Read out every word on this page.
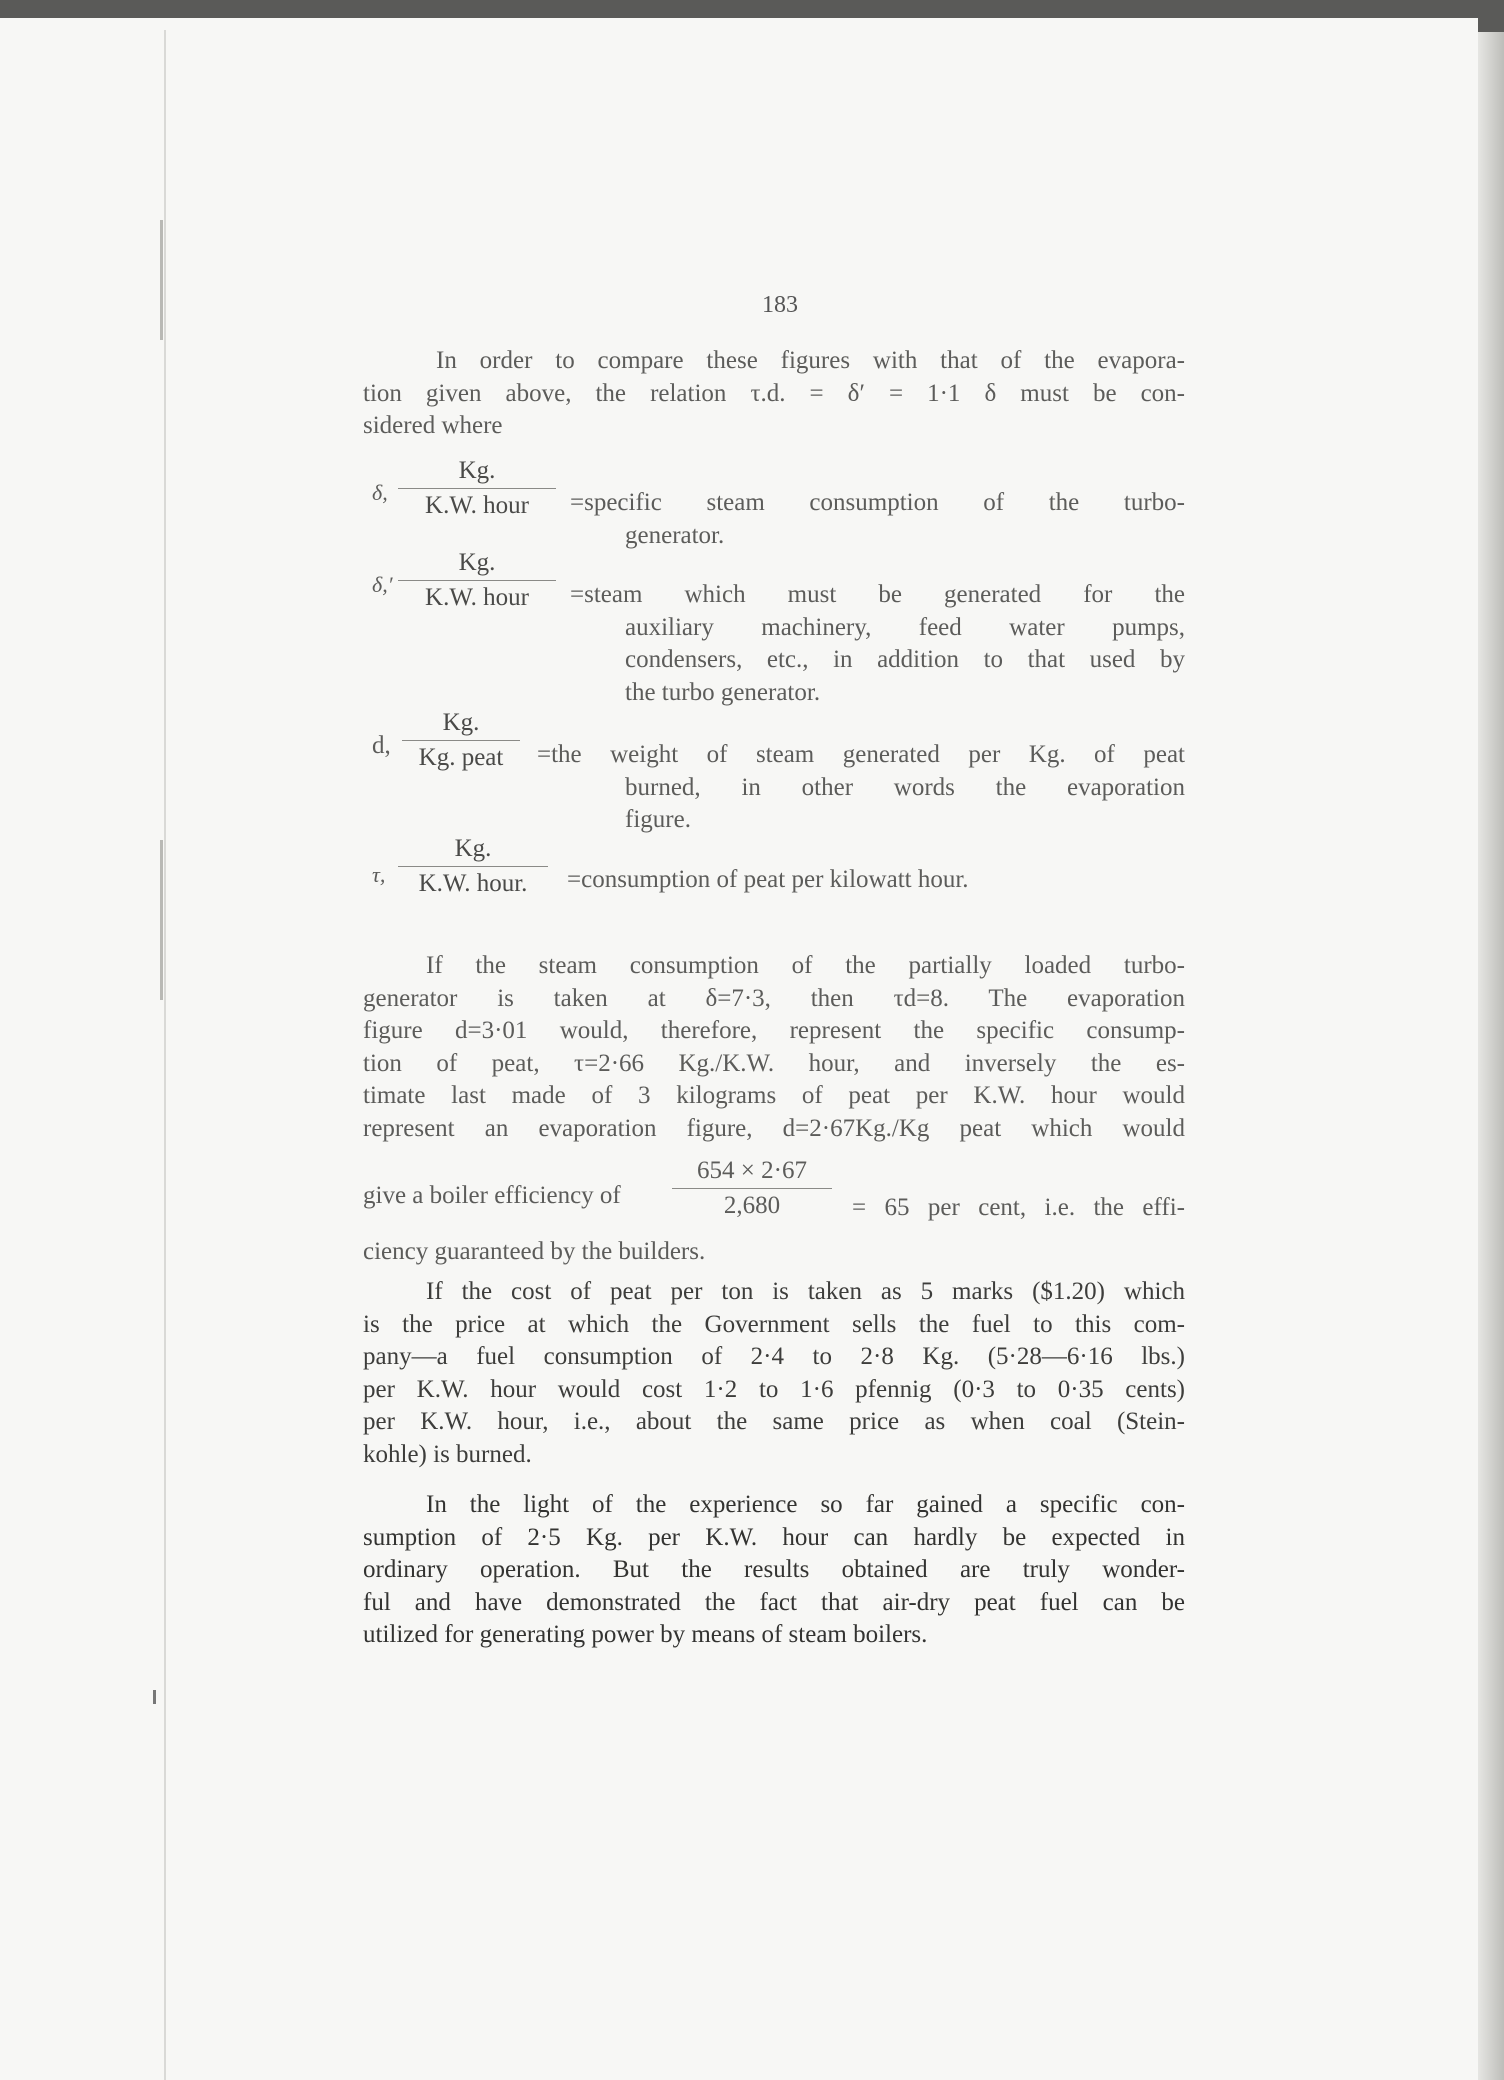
183
In order to compare these figures with that of the evapora-
tion given above, the relation τ.d. = δ′ = 1·1 δ must be con-
sidered where
δ,
Kg.
K.W. hour	=specific steam consumption of the turbo-
generator.
δ,′
Kg.
K.W. hour	=steam which must be generated for the
auxiliary machinery, feed water pumps,
condensers, etc., in addition to that used by
the turbo generator.
d,
Kg.
Kg. peat	=the weight of steam generated per Kg. of peat
burned, in other words the evaporation
figure.
τ,
Kg.
K.W. hour.	=consumption of peat per kilowatt hour.
If the steam consumption of the partially loaded turbo-
generator is taken at δ=7·3, then τd=8. The evaporation
figure d=3·01 would, therefore, represent the specific consump-
tion of peat, τ=2·66 Kg./K.W. hour, and inversely the es-
timate last made of 3 kilograms of peat per K.W. hour would
represent an evaporation figure, d=2·67Kg./Kg peat which would
give a boiler efficiency of
654 × 2·67
2,680	= 65 per cent, i.e. the effi-
ciency guaranteed by the builders.
If the cost of peat per ton is taken as 5 marks ($1.20) which
is the price at which the Government sells the fuel to this com-
pany—a fuel consumption of 2·4 to 2·8 Kg. (5·28—6·16 lbs.)
per K.W. hour would cost 1·2 to 1·6 pfennig (0·3 to 0·35 cents)
per K.W. hour, i.e., about the same price as when coal (Stein-
kohle) is burned.
In the light of the experience so far gained a specific con-
sumption of 2·5 Kg. per K.W. hour can hardly be expected in
ordinary operation. But the results obtained are truly wonder-
ful and have demonstrated the fact that air-dry peat fuel can be
utilized for generating power by means of steam boilers.
